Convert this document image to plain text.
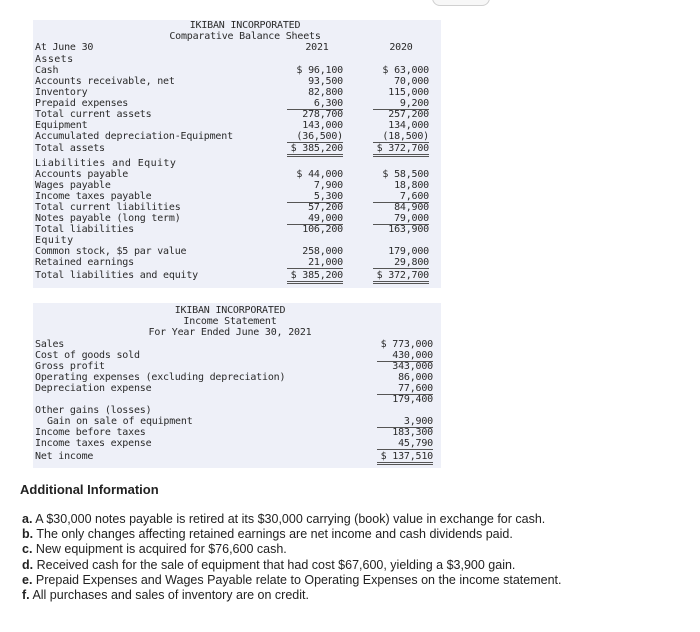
IKIBAN INCORPORATED
Comparative Balance Sheets
At June 30	2021	2020
Assets
Cash	$ 96,100	$ 63,000
Accounts receivable, net	93,500	70,000
Inventory	82,800	115,000
Prepaid expenses	6,300	9,200
Total current assets	278,700	257,200
Equipment	143,000	134,000
Accumulated depreciation-Equipment	(36,500)	(18,500)
Total assets	$ 385,200	$ 372,700
Liabilities and Equity
Accounts payable	$ 44,000	$ 58,500
Wages payable	7,900	18,800
Income taxes payable	5,300	7,600
Total current liabilities	57,200	84,900
Notes payable (long term)	49,000	79,000
Total liabilities	106,200	163,900
Equity
Common stock, $5 par value	258,000	179,000
Retained earnings	21,000	29,800
Total liabilities and equity	$ 385,200	$ 372,700
IKIBAN INCORPORATED
Income Statement
For Year Ended June 30, 2021
Sales	$ 773,000
Cost of goods sold	430,000
Gross profit	343,000
Operating expenses (excluding depreciation)	86,000
Depreciation expense	77,600
179,400
Other gains (losses)
Gain on sale of equipment	3,900
Income before taxes	183,300
Income taxes expense	45,790
Net income	$ 137,510
Additional Information
a. A $30,000 notes payable is retired at its $30,000 carrying (book) value in exchange for cash.
b. The only changes affecting retained earnings are net income and cash dividends paid.
c. New equipment is acquired for $76,600 cash.
d. Received cash for the sale of equipment that had cost $67,600, yielding a $3,900 gain.
e. Prepaid Expenses and Wages Payable relate to Operating Expenses on the income statement.
f. All purchases and sales of inventory are on credit.
